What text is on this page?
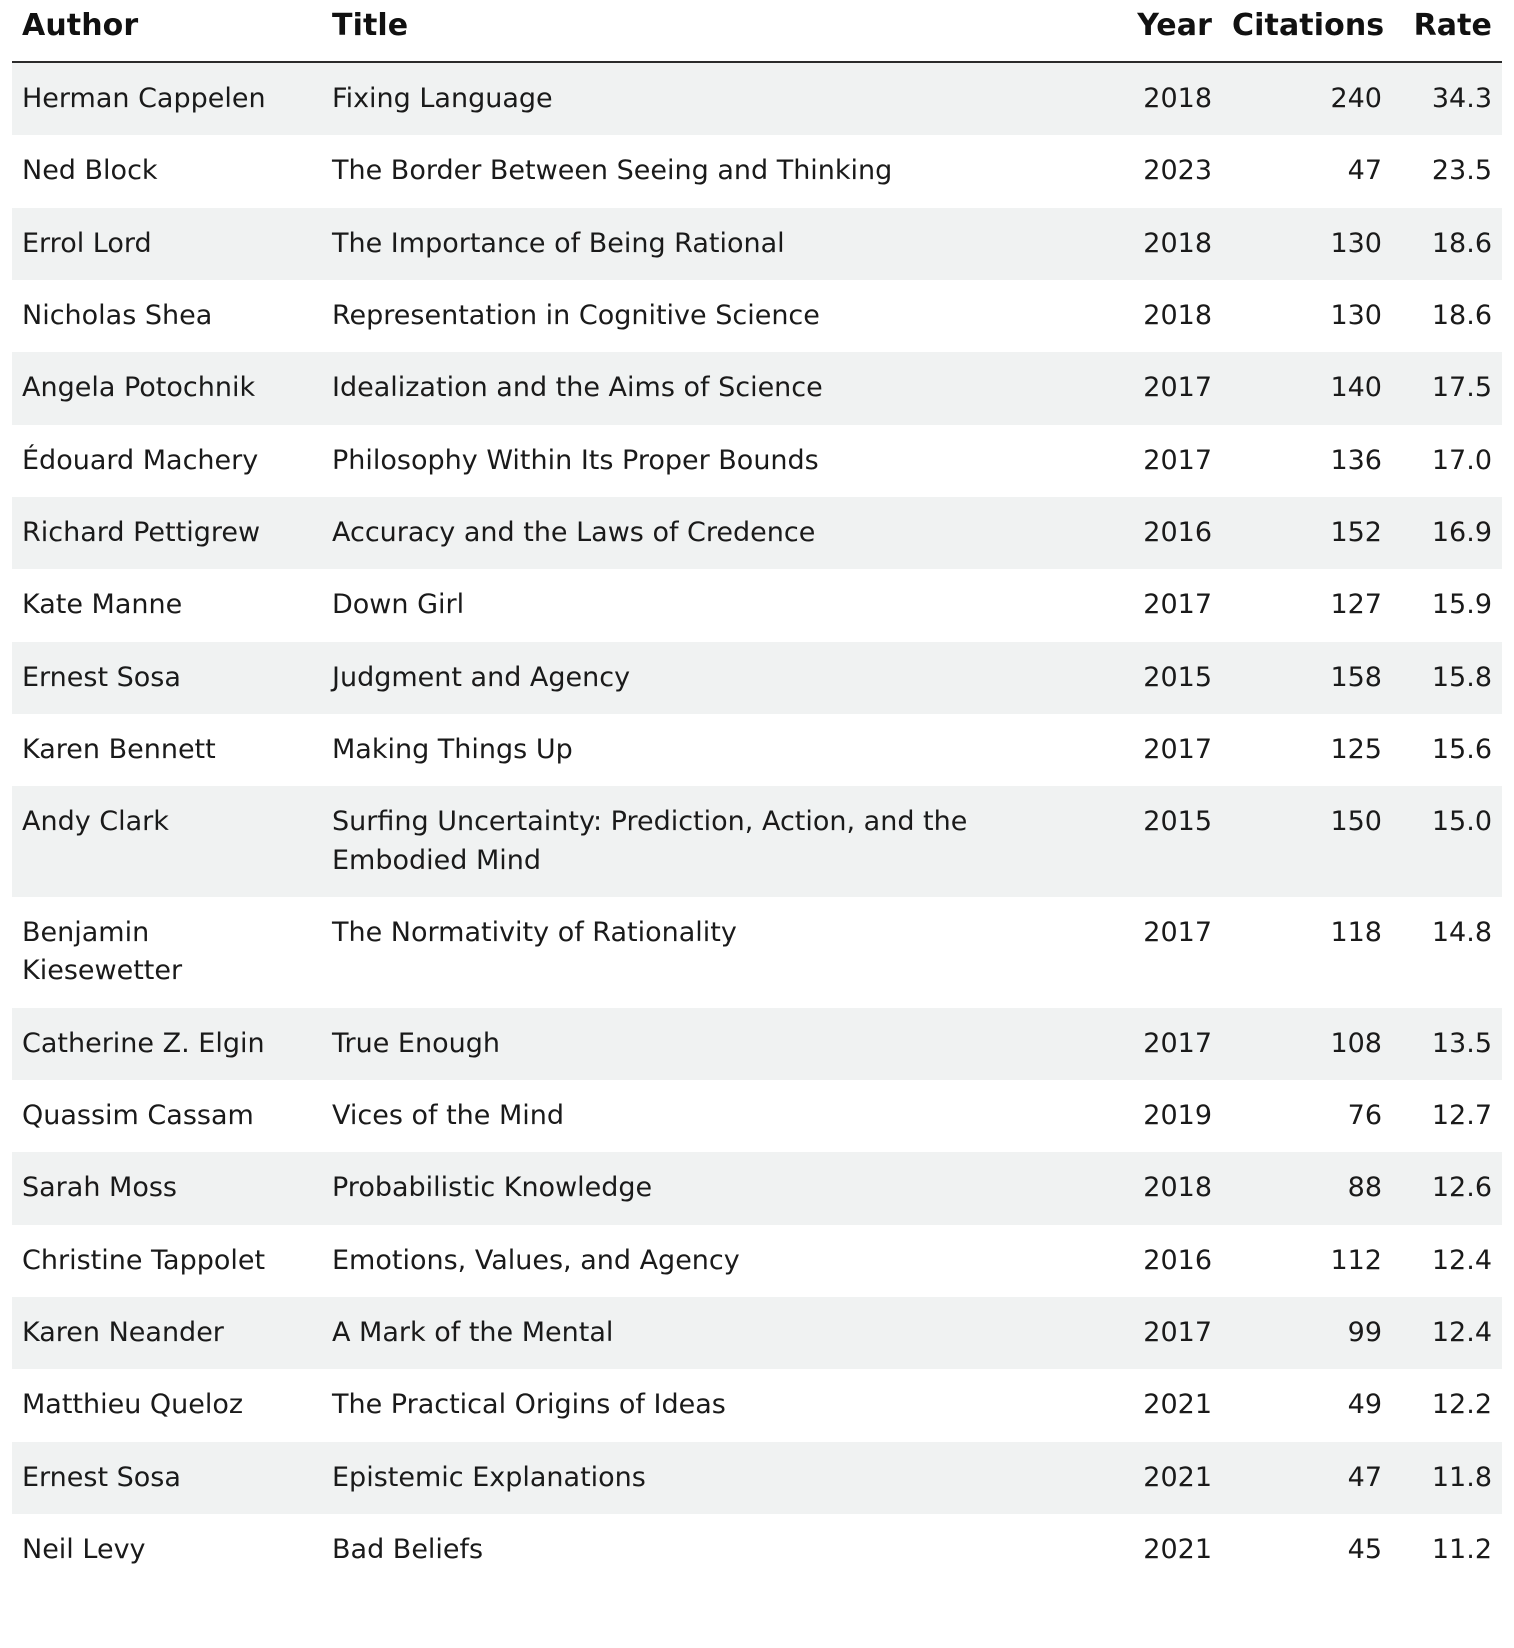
Author	Title	Year	Citations	Rate
Herman Cappelen	Fixing Language	2018	240	34.3
Ned Block	The Border Between Seeing and Thinking	2023	47	23.5
Errol Lord	The Importance of Being Rational	2018	130	18.6
Nicholas Shea	Representation in Cognitive Science	2018	130	18.6
Angela Potochnik	Idealization and the Aims of Science	2017	140	17.5
Édouard Machery	Philosophy Within Its Proper Bounds	2017	136	17.0
Richard Pettigrew	Accuracy and the Laws of Credence	2016	152	16.9
Kate Manne	Down Girl	2017	127	15.9
Ernest Sosa	Judgment and Agency	2015	158	15.8
Karen Bennett	Making Things Up	2017	125	15.6
Andy Clark	Surfing Uncertainty: Prediction, Action, and the Embodied Mind	2015	150	15.0
Benjamin Kiesewetter	The Normativity of Rationality	2017	118	14.8
Catherine Z. Elgin	True Enough	2017	108	13.5
Quassim Cassam	Vices of the Mind	2019	76	12.7
Sarah Moss	Probabilistic Knowledge	2018	88	12.6
Christine Tappolet	Emotions, Values, and Agency	2016	112	12.4
Karen Neander	A Mark of the Mental	2017	99	12.4
Matthieu Queloz	The Practical Origins of Ideas	2021	49	12.2
Ernest Sosa	Epistemic Explanations	2021	47	11.8
Neil Levy	Bad Beliefs	2021	45	11.2
